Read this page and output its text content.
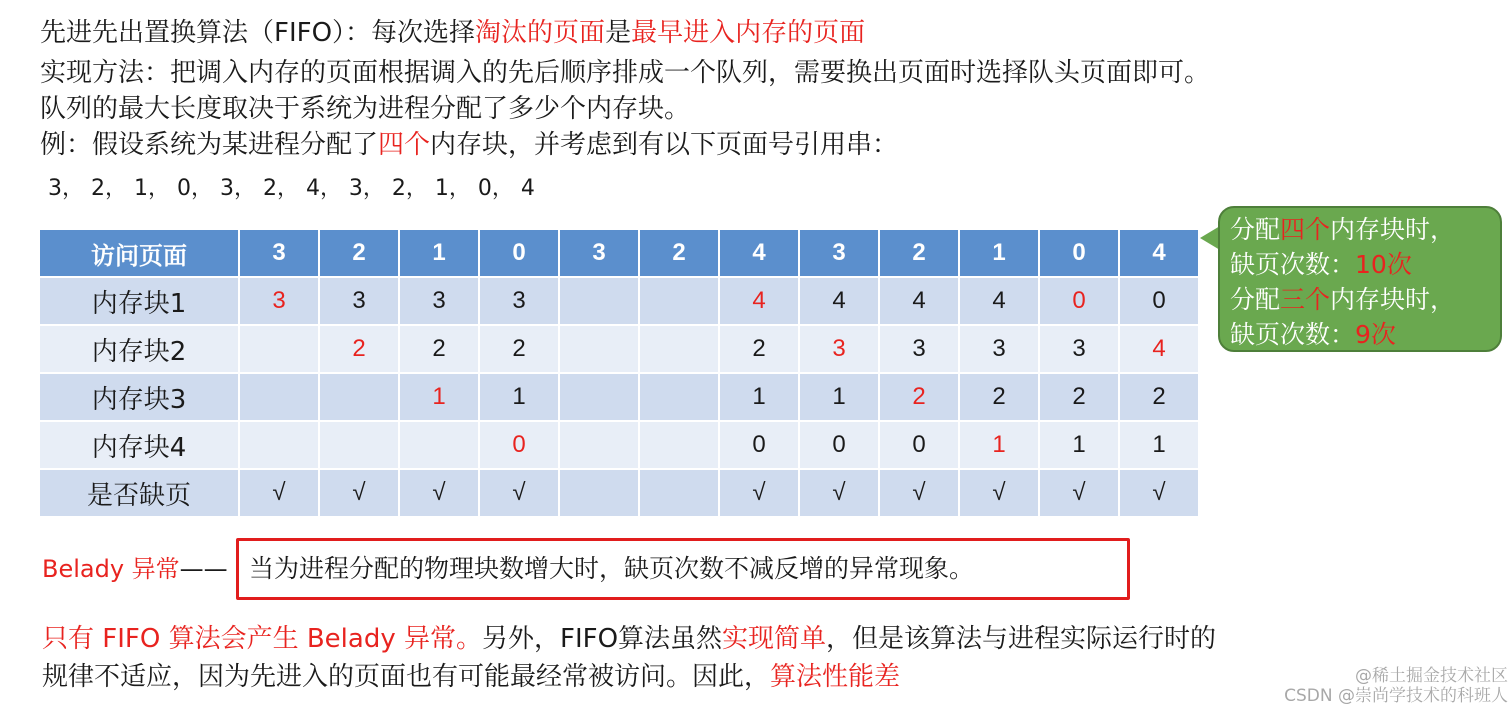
先进先出置换算法（FIFO）：每次选择淘汰的页面是最早进入内存的页面
实现方法：把调入内存的页面根据调入的先后顺序排成一个队列，需要换出页面时选择队头页面即可。
队列的最大长度取决于系统为进程分配了多少个内存块。
例：假设系统为某进程分配了四个内存块，并考虑到有以下页面号引用串：
3， 2， 1， 0， 3， 2， 4， 3， 2， 1， 0， 4
访问页面	3	2	1	0	3	2	4	3	2	1	0	4
内存块1	3	3	3	3			4	4	4	4	0	0
内存块2		2	2	2			2	3	3	3	3	4
内存块3			1	1			1	1	2	2	2	2
内存块4				0			0	0	0	1	1	1
是否缺页	√	√	√	√			√	√	√	√	√	√
分配四个内存块时，
缺页次数：10次
分配三个内存块时，
缺页次数：9次
Belady 异常—— 当为进程分配的物理块数增大时，缺页次数不减反增的异常现象。
只有 FIFO 算法会产生 Belady 异常。另外，FIFO算法虽然实现简单，但是该算法与进程实际运行时的
规律不适应，因为先进入的页面也有可能最经常被访问。因此，算法性能差	@稀土掘金技术社区
CSDN @崇尚学技术的科班人
